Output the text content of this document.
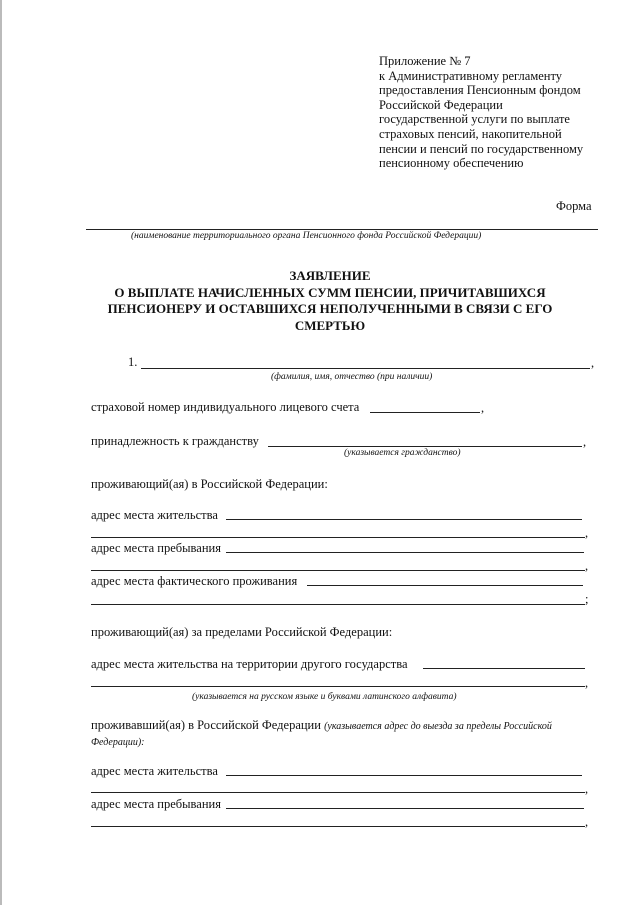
Приложение № 7
к Административному регламенту
предоставления Пенсионным фондом
Российской Федерации
государственной услуги по выплате
страховых пенсий, накопительной
пенсии и пенсий по государственному
пенсионному обеспечению
Форма
(наименование территориального органа Пенсионного фонда Российской Федерации)
ЗАЯВЛЕНИЕ
О ВЫПЛАТЕ НАЧИСЛЕННЫХ СУММ ПЕНСИИ, ПРИЧИТАВШИХСЯ
ПЕНСИОНЕРУ И ОСТАВШИХСЯ НЕПОЛУЧЕННЫМИ В СВЯЗИ С ЕГО
СМЕРТЬЮ
1.	,
(фамилия, имя, отчество (при наличии)
страховой номер индивидуального лицевого счета	,
принадлежность к гражданству	,
(указывается гражданство)
проживающий(ая) в Российской Федерации:
адрес места жительства
,
адрес места пребывания
,
адрес места фактического проживания
;
проживающий(ая) за пределами Российской Федерации:
адрес места жительства на территории другого государства
,
(указывается на русском языке и буквами латинского алфавита)
проживавший(ая) в Российской Федерации (указывается адрес до выезда за пределы Российской
Федерации):
адрес места жительства
,
адрес места пребывания
,
